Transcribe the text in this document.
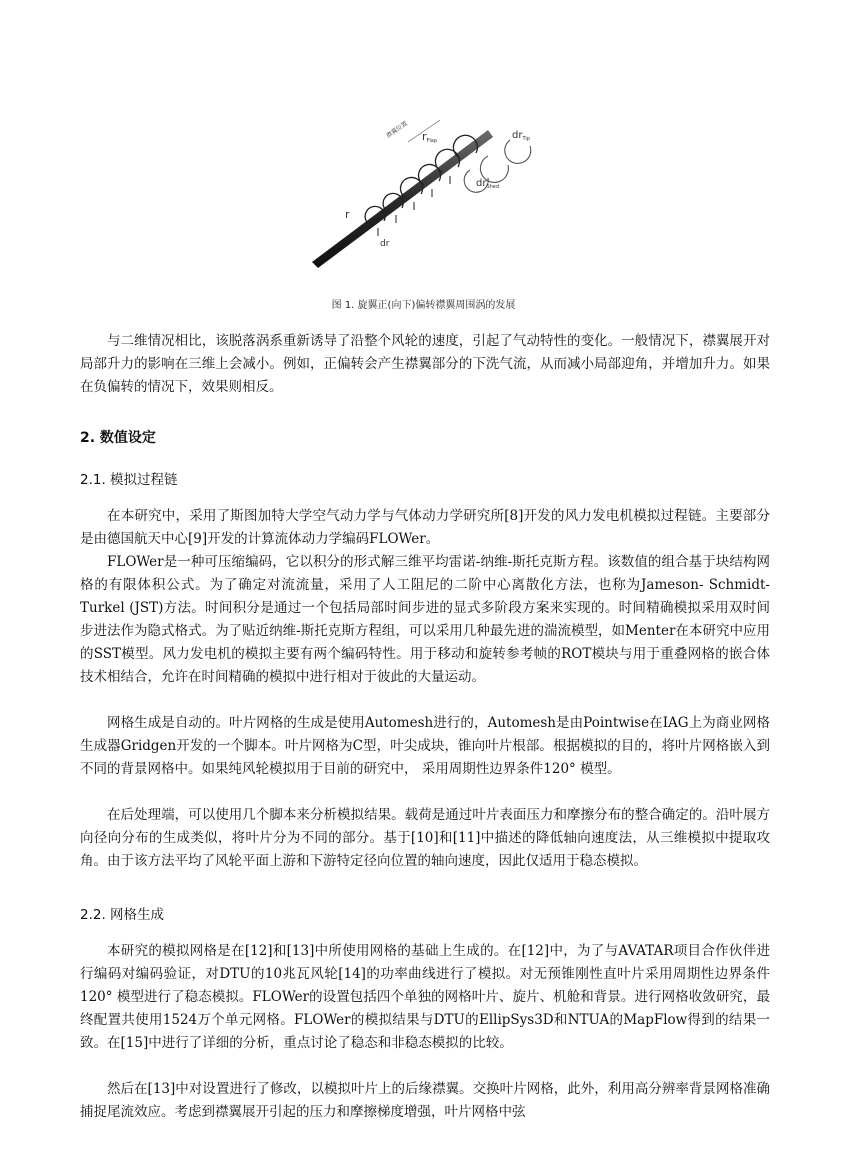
襟翼位置 rFlap	$dr_{Tip}$
$dr_{Shed}$
r
dr
图 1. 旋翼正(向下)偏转襟翼周围涡的发展

与二维情况相比，该脱落涡系重新诱导了沿整个风轮的速度，引起了气动特性的变化。一般情况下，襟翼展开对局部升力的影响在三维上会减小。例如，正偏转会产生襟翼部分的下洗气流，从而减小局部迎角，并增加升力。如果在负偏转的情况下，效果则相反。

2. 数值设定
2.1. 模拟过程链

在本研究中，采用了斯图加特大学空气动力学与气体动力学研究所[8]开发的风力发电机模拟过程链。主要部分是由德国航天中心[9]开发的计算流体动力学编码FLOWer。

FLOWer是一种可压缩编码，它以积分的形式解三维平均雷诺-纳维-斯托克斯方程。该数值的组合基于块结构网格的有限体积公式。为了确定对流流量，采用了人工阻尼的二阶中心离散化方法，也称为Jameson- Schmidt-Turkel (JST)方法。时间积分是通过一个包括局部时间步进的显式多阶段方案来实现的。时间精确模拟采用双时间步进法作为隐式格式。为了贴近纳维-斯托克斯方程组，可以采用几种最先进的湍流模型，如Menter在本研究中应用的SST模型。风力发电机的模拟主要有两个编码特性。用于移动和旋转参考帧的ROT模块与用于重叠网格的嵌合体技术相结合，允许在时间精确的模拟中进行相对于彼此的大量运动。

网格生成是自动的。叶片网格的生成是使用Automesh进行的，Automesh是由Pointwise在IAG上为商业网格生成器Gridgen开发的一个脚本。叶片网格为C型，叶尖成块，锥向叶片根部。根据模拟的目的，将叶片网格嵌入到不同的背景网格中。如果纯风轮模拟用于目前的研究中， 采用周期性边界条件120° 模型。

在后处理端，可以使用几个脚本来分析模拟结果。载荷是通过叶片表面压力和摩擦分布的整合确定的。沿叶展方向径向分布的生成类似，将叶片分为不同的部分。基于[10]和[11]中描述的降低轴向速度法，从三维模拟中提取攻角。由于该方法平均了风轮平面上游和下游特定径向位置的轴向速度，因此仅适用于稳态模拟。

2.2. 网格生成

本研究的模拟网格是在[12]和[13]中所使用网格的基础上生成的。在[12]中，为了与AVATAR项目合作伙伴进行编码对编码验证，对DTU的10兆瓦风轮[14]的功率曲线进行了模拟。对无预锥刚性直叶片采用周期性边界条件120° 模型进行了稳态模拟。FLOWer的设置包括四个单独的网格叶片、旋片、机舱和背景。进行网格收敛研究，最终配置共使用1524万个单元网格。FLOWer的模拟结果与DTU的EllipSys3D和NTUA的MapFlow得到的结果一致。在[15]中进行了详细的分析，重点讨论了稳态和非稳态模拟的比较。

然后在[13]中对设置进行了修改，以模拟叶片上的后缘襟翼。交换叶片网格，此外，利用高分辨率背景网格准确捕捉尾流效应。考虑到襟翼展开引起的压力和摩擦梯度增强，叶片网格中弦
